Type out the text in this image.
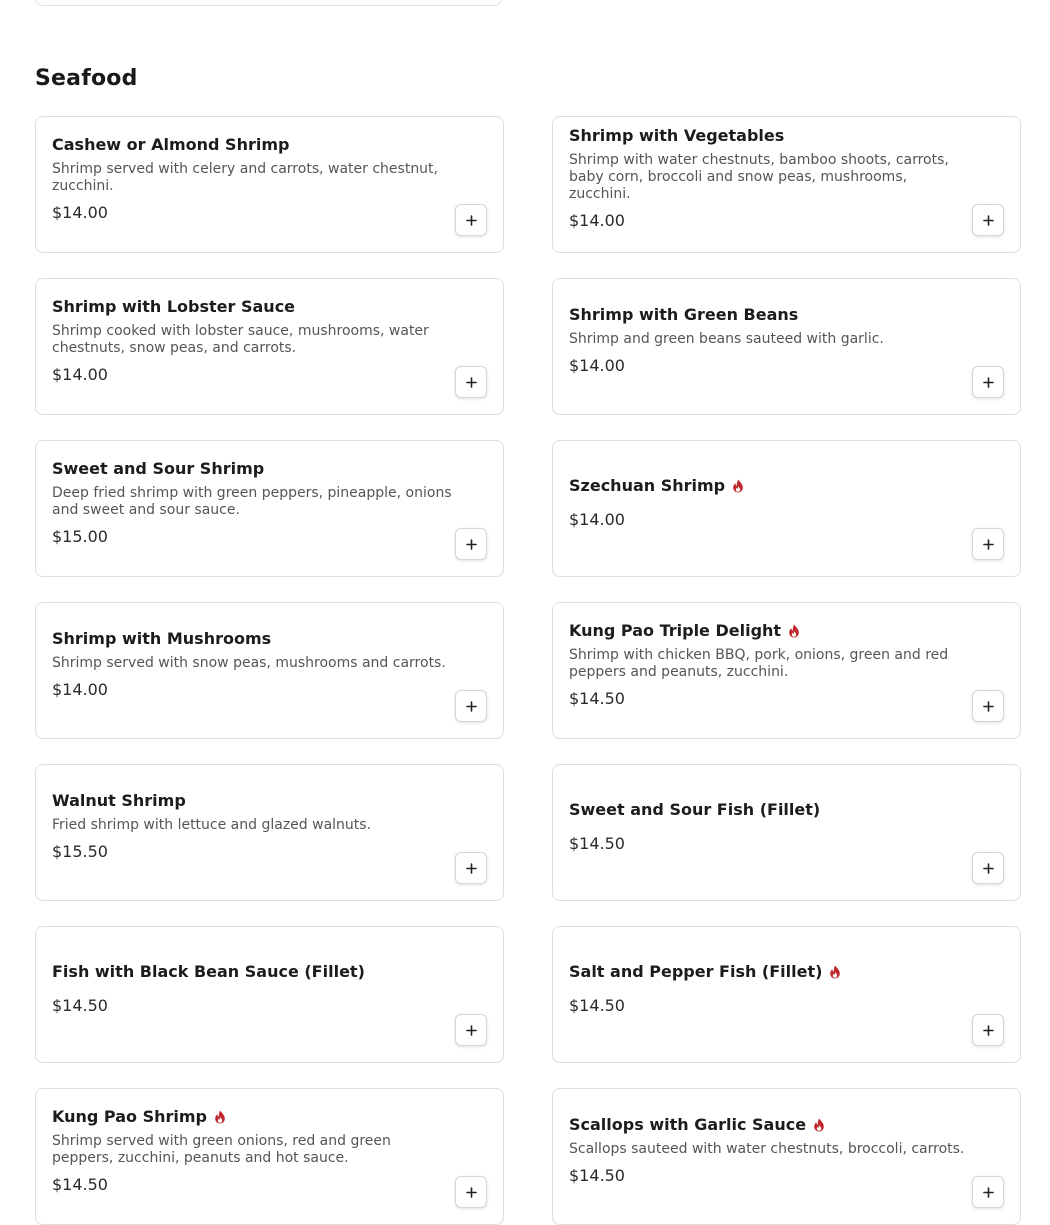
Seafood
Cashew or Almond Shrimp
Shrimp served with celery and carrots, water chestnut, zucchini.
$14.00
Shrimp with Vegetables
Shrimp with water chestnuts, bamboo shoots, carrots, baby corn, broccoli and snow peas, mushrooms, zucchini.
$14.00
Shrimp with Lobster Sauce
Shrimp cooked with lobster sauce, mushrooms, water chestnuts, snow peas, and carrots.
$14.00
Shrimp with Green Beans
Shrimp and green beans sauteed with garlic.
$14.00
Sweet and Sour Shrimp
Deep fried shrimp with green peppers, pineapple, onions and sweet and sour sauce.
$15.00
Szechuan Shrimp
$14.00
Shrimp with Mushrooms
Shrimp served with snow peas, mushrooms and carrots.
$14.00
Kung Pao Triple Delight
Shrimp with chicken BBQ, pork, onions, green and red peppers and peanuts, zucchini.
$14.50
Walnut Shrimp
Fried shrimp with lettuce and glazed walnuts.
$15.50
Sweet and Sour Fish (Fillet)
$14.50
Fish with Black Bean Sauce (Fillet)
$14.50
Salt and Pepper Fish (Fillet)
$14.50
Kung Pao Shrimp
Shrimp served with green onions, red and green peppers, zucchini, peanuts and hot sauce.
$14.50
Scallops with Garlic Sauce
Scallops sauteed with water chestnuts, broccoli, carrots.
$14.50
